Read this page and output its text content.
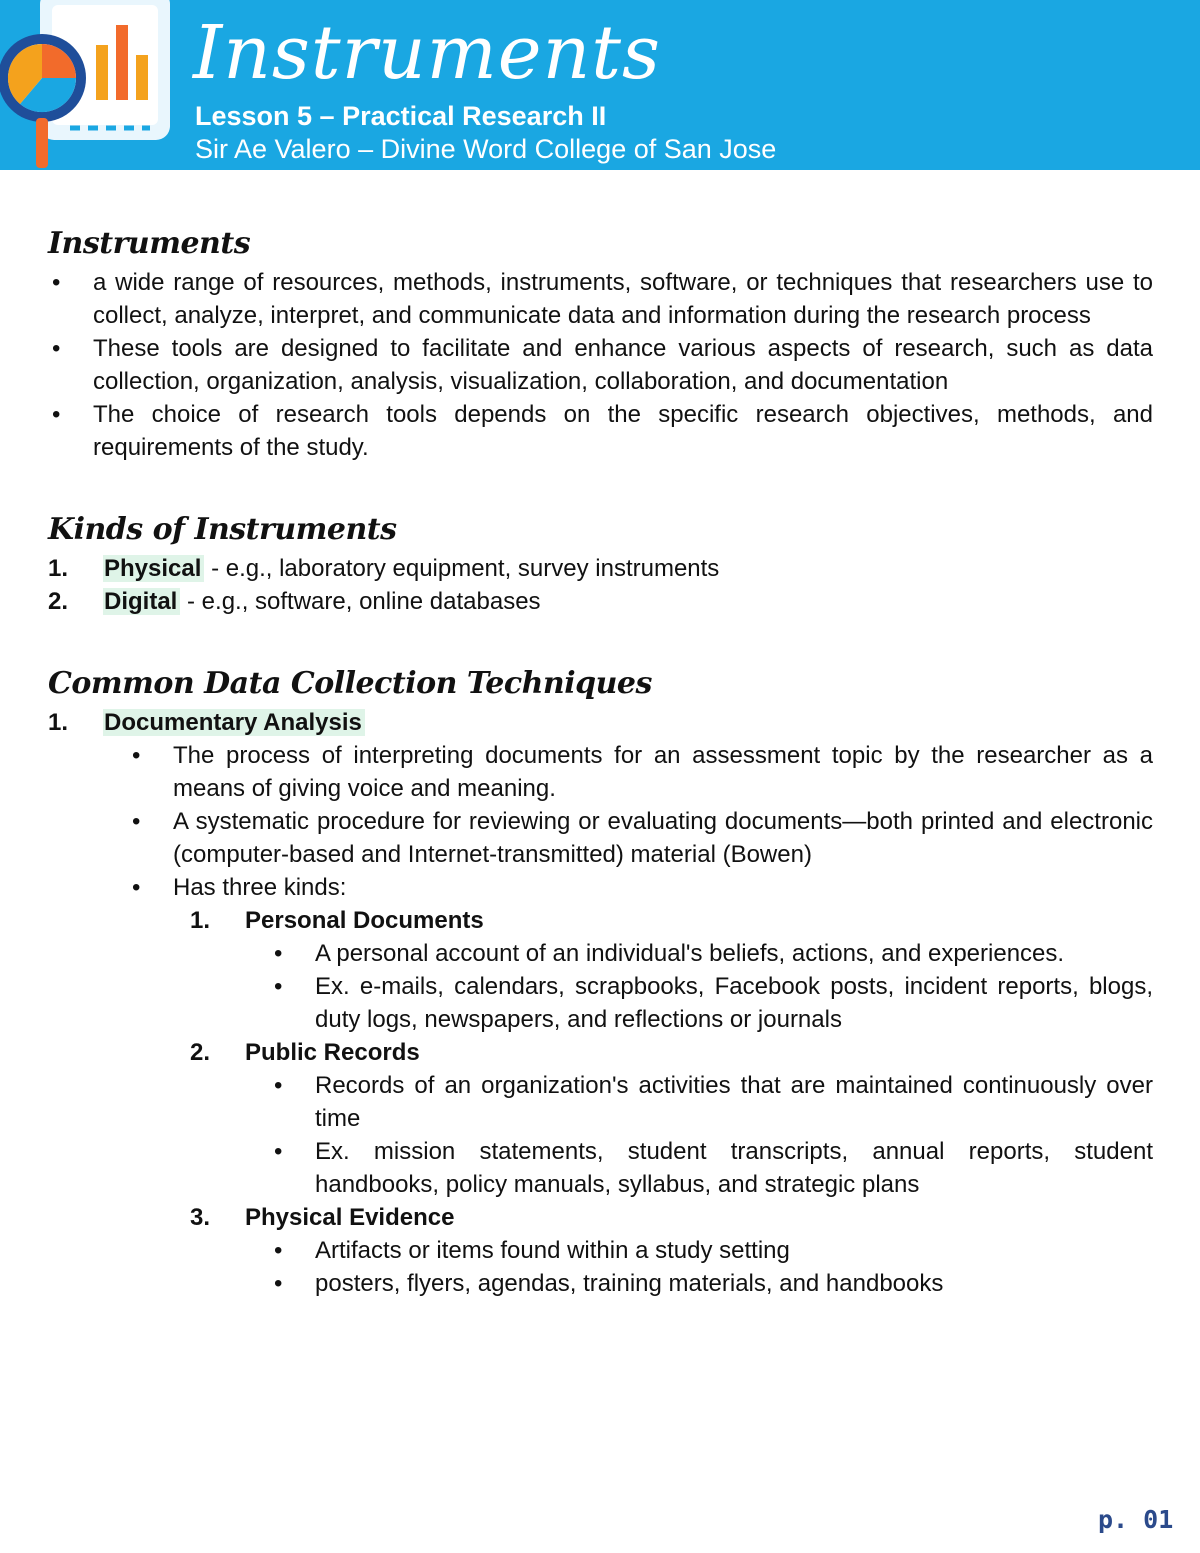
Instruments
Lesson 5 – Practical Research II
Sir Ae Valero – Divine Word College of San Jose
Instruments
• a wide range of resources, methods, instruments, software, or techniques that researchers use to collect, analyze, interpret, and communicate data and information during the research process
• These tools are designed to facilitate and enhance various aspects of research, such as data collection, organization, analysis, visualization, collaboration, and documentation
• The choice of research tools depends on the specific research objectives, methods, and requirements of the study.
Kinds of Instruments
1. Physical - e.g., laboratory equipment, survey instruments
2. Digital - e.g., software, online databases
Common Data Collection Techniques
1. Documentary Analysis
• The process of interpreting documents for an assessment topic by the researcher as a means of giving voice and meaning.
• A systematic procedure for reviewing or evaluating documents—both printed and electronic (computer-based and Internet-transmitted) material (Bowen)
• Has three kinds:
1. Personal Documents
• A personal account of an individual's beliefs, actions, and experiences.
• Ex. e-mails, calendars, scrapbooks, Facebook posts, incident reports, blogs, duty logs, newspapers, and reflections or journals
2. Public Records
• Records of an organization's activities that are maintained continuously over time
• Ex. mission statements, student transcripts, annual reports, student handbooks, policy manuals, syllabus, and strategic plans
3. Physical Evidence
• Artifacts or items found within a study setting
• posters, flyers, agendas, training materials, and handbooks
p. 01
